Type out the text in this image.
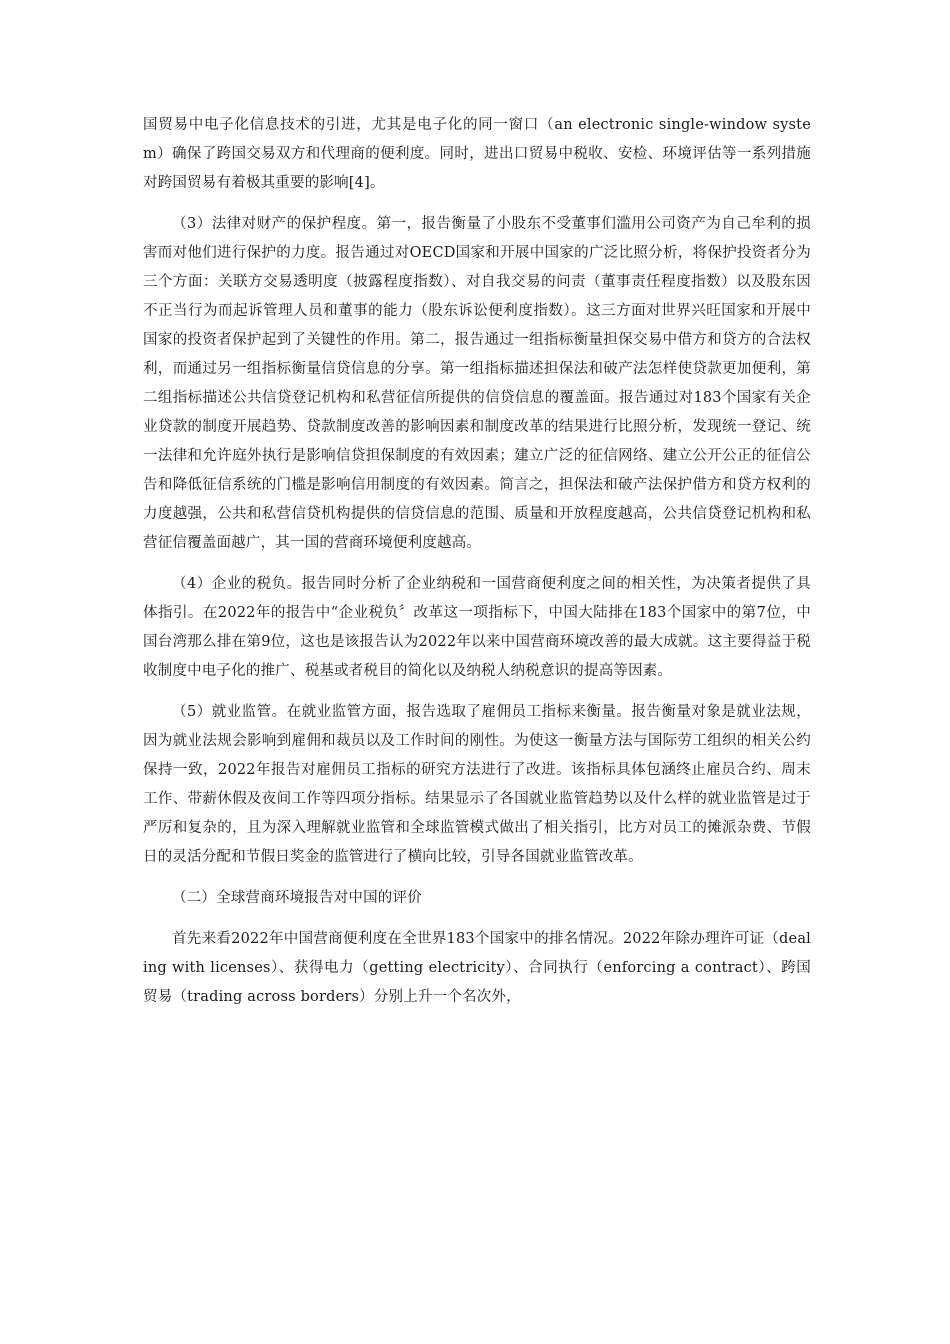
国贸易中电子化信息技术的引进，尤其是电子化的同一窗口（an electronic single-window system）确保了跨国交易双方和代理商的便利度。同时，进出口贸易中税收、安检、环境评估等一系列措施对跨国贸易有着极其重要的影响[4]。

（3）法律对财产的保护程度。第一，报告衡量了小股东不受董事们滥用公司资产为自己牟利的损害而对他们进行保护的力度。报告通过对OECD国家和开展中国家的广泛比照分析，将保护投资者分为三个方面：关联方交易透明度（披露程度指数）、对自我交易的问责（董事责任程度指数）以及股东因不正当行为而起诉管理人员和董事的能力（股东诉讼便利度指数）。这三方面对世界兴旺国家和开展中国家的投资者保护起到了关键性的作用。第二，报告通过一组指标衡量担保交易中借方和贷方的合法权利，而通过另一组指标衡量信贷信息的分享。第一组指标描述担保法和破产法怎样使贷款更加便利，第二组指标描述公共信贷登记机构和私营征信所提供的信贷信息的覆盖面。报告通过对183个国家有关企业贷款的制度开展趋势、贷款制度改善的影响因素和制度改革的结果进行比照分析，发现统一登记、统一法律和允许庭外执行是影响信贷担保制度的有效因素；建立广泛的征信网络、建立公开公正的征信公告和降低征信系统的门槛是影响信用制度的有效因素。简言之，担保法和破产法保护借方和贷方权利的力度越强，公共和私营信贷机构提供的信贷信息的范围、质量和开放程度越高，公共信贷登记机构和私营征信覆盖面越广，其一国的营商环境便利度越高。

（4）企业的税负。报告同时分析了企业纳税和一国营商便利度之间的相关性，为决策者提供了具体指引。在2022年的报告中“企业税负〞改革这一项指标下，中国大陆排在183个国家中的第7位，中国台湾那么排在第9位，这也是该报告认为2022年以来中国营商环境改善的最大成就。这主要得益于税收制度中电子化的推广、税基或者税目的简化以及纳税人纳税意识的提高等因素。

（5）就业监管。在就业监管方面，报告选取了雇佣员工指标来衡量。报告衡量对象是就业法规，因为就业法规会影响到雇佣和裁员以及工作时间的刚性。为使这一衡量方法与国际劳工组织的相关公约保持一致，2022年报告对雇佣员工指标的研究方法进行了改进。该指标具体包涵终止雇员合约、周末工作、带薪休假及夜间工作等四项分指标。结果显示了各国就业监管趋势以及什么样的就业监管是过于严厉和复杂的，且为深入理解就业监管和全球监管模式做出了相关指引，比方对员工的摊派杂费、节假日的灵活分配和节假日奖金的监管进行了横向比较，引导各国就业监管改革。

（二）全球营商环境报告对中国的评价

首先来看2022年中国营商便利度在全世界183个国家中的排名情况。2022年除办理许可证（dealing with licenses）、获得电力（getting electricity）、合同执行（enforcing a contract）、跨国贸易（trading across borders）分别上升一个名次外，
